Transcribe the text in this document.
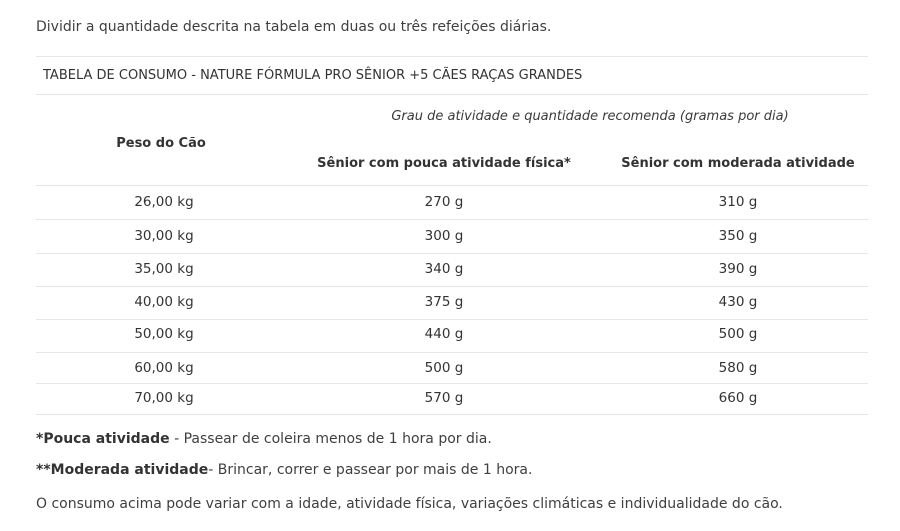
Dividir a quantidade descrita na tabela em duas ou três refeições diárias.
TABELA DE CONSUMO - NATURE FÓRMULA PRO SÊNIOR +5 CÃES RAÇAS GRANDES
Grau de atividade e quantidade recomenda (gramas por dia)
Peso do Cão
Sênior com pouca atividade física*	Sênior com moderada atividade
26,00 kg	270 g	310 g
30,00 kg	300 g	350 g
35,00 kg	340 g	390 g
40,00 kg	375 g	430 g
50,00 kg	440 g	500 g
60,00 kg	500 g	580 g
70,00 kg	570 g	660 g
*Pouca atividade - Passear de coleira menos de 1 hora por dia.
**Moderada atividade- Brincar, correr e passear por mais de 1 hora.
O consumo acima pode variar com a idade, atividade física, variações climáticas e individualidade do cão.
